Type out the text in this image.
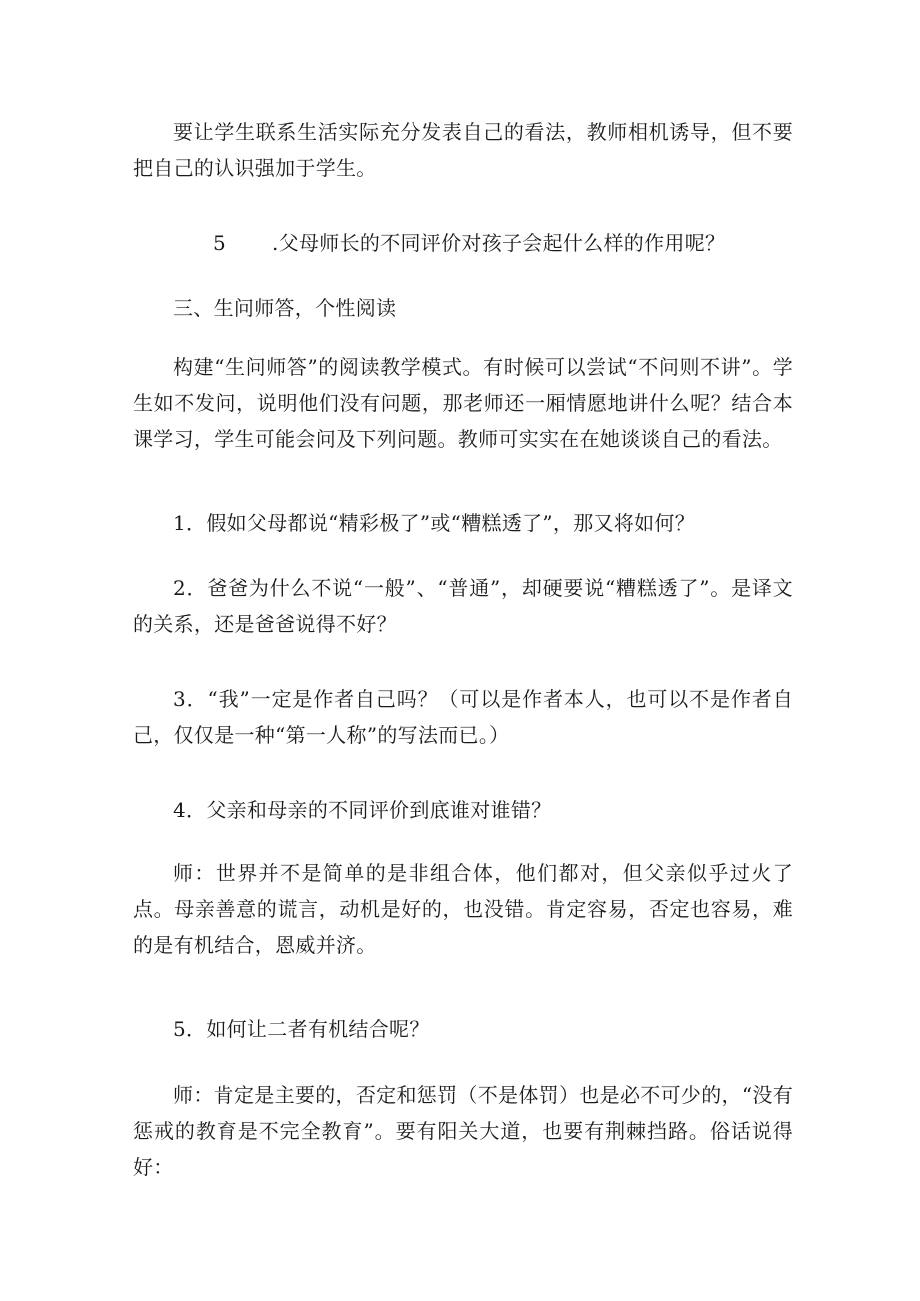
要让学生联系生活实际充分发表自己的看法，教师相机诱导，但不要把自己的认识强加于学生。

5 .父母师长的不同评价对孩子会起什么样的作用呢？

三、生问师答，个性阅读

构建“生问师答”的阅读教学模式。有时候可以尝试“不问则不讲”。学生如不发问，说明他们没有问题，那老师还一厢情愿地讲什么呢？结合本课学习，学生可能会问及下列问题。教师可实实在在她谈谈自己的看法。

1．假如父母都说“精彩极了”或“糟糕透了”，那又将如何？

2．爸爸为什么不说“一般”、“普通”，却硬要说“糟糕透了”。是译文的关系，还是爸爸说得不好？

3．“我”一定是作者自己吗？（可以是作者本人，也可以不是作者自己，仅仅是一种“第一人称”的写法而已。）

4．父亲和母亲的不同评价到底谁对谁错？

师：世界并不是简单的是非组合体，他们都对，但父亲似乎过火了点。母亲善意的谎言，动机是好的，也没错。肯定容易，否定也容易，难的是有机结合，恩威并济。

5．如何让二者有机结合呢？

师：肯定是主要的，否定和惩罚（不是体罚）也是必不可少的，“没有惩戒的教育是不完全教育”。要有阳关大道，也要有荆棘挡路。俗话说得好：
